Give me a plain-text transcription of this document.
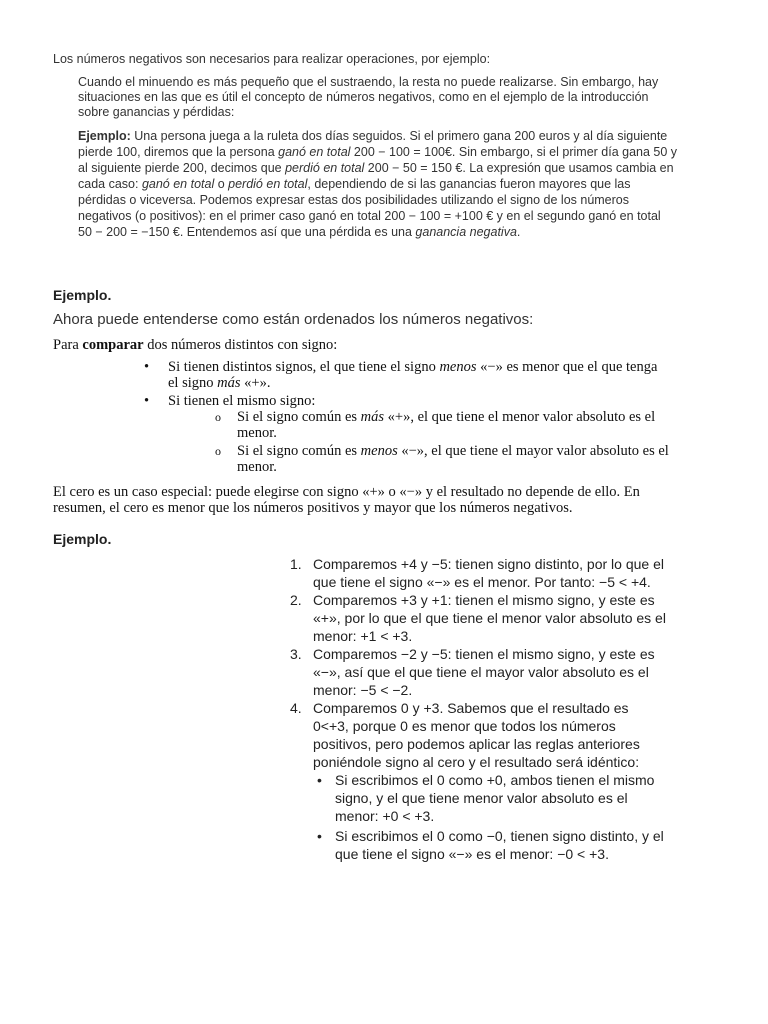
Los números negativos son necesarios para realizar operaciones, por ejemplo:
Cuando el minuendo es más pequeño que el sustraendo, la resta no puede realizarse. Sin embargo, hay situaciones en las que es útil el concepto de números negativos, como en el ejemplo de la introducción sobre ganancias y pérdidas:
Ejemplo: Una persona juega a la ruleta dos días seguidos. Si el primero gana 200 euros y al día siguiente pierde 100, diremos que la persona ganó en total 200 − 100 = 100€. Sin embargo, si el primer día gana 50 y al siguiente pierde 200, decimos que perdió en total 200 − 50 = 150 €. La expresión que usamos cambia en cada caso: ganó en total o perdió en total, dependiendo de si las ganancias fueron mayores que las pérdidas o viceversa. Podemos expresar estas dos posibilidades utilizando el signo de los números negativos (o positivos): en el primer caso ganó en total 200 − 100 = +100 € y en el segundo ganó en total 50 − 200 = −150 €. Entendemos así que una pérdida es una ganancia negativa.
Ejemplo.
Ahora puede entenderse como están ordenados los números negativos:
Para comparar dos números distintos con signo:
• Si tienen distintos signos, el que tiene el signo menos «−» es menor que el que tenga el signo más «+».
• Si tienen el mismo signo:
o Si el signo común es más «+», el que tiene el menor valor absoluto es el menor.
o Si el signo común es menos «−», el que tiene el mayor valor absoluto es el menor.
El cero es un caso especial: puede elegirse con signo «+» o «−» y el resultado no depende de ello. En resumen, el cero es menor que los números positivos y mayor que los números negativos.
Ejemplo.
1. Comparemos +4 y −5: tienen signo distinto, por lo que el que tiene el signo «−» es el menor. Por tanto: −5 < +4.
2. Comparemos +3 y +1: tienen el mismo signo, y este es «+», por lo que el que tiene el menor valor absoluto es el menor: +1 < +3.
3. Comparemos −2 y −5: tienen el mismo signo, y este es «−», así que el que tiene el mayor valor absoluto es el menor: −5 < −2.
4. Comparemos 0 y +3. Sabemos que el resultado es 0<+3, porque 0 es menor que todos los números positivos, pero podemos aplicar las reglas anteriores poniéndole signo al cero y el resultado será idéntico:
• Si escribimos el 0 como +0, ambos tienen el mismo signo, y el que tiene menor valor absoluto es el menor: +0 < +3.
• Si escribimos el 0 como −0, tienen signo distinto, y el que tiene el signo «−» es el menor: −0 < +3.
